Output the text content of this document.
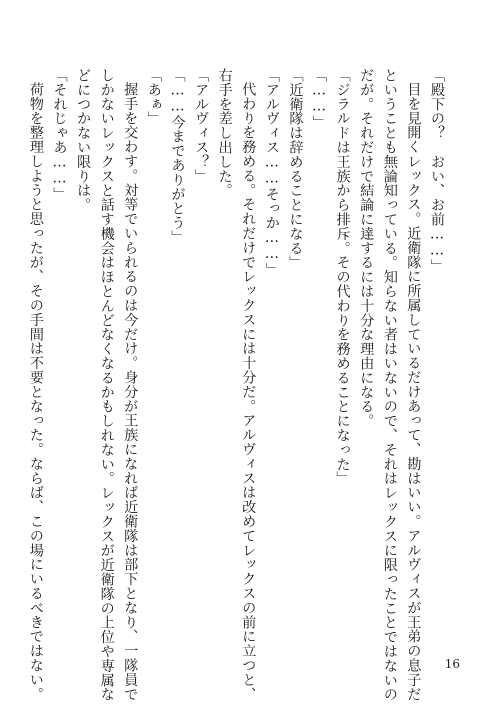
「殿下の？　おい、お前……」
目を見開くレックス。近衛隊に所属しているだけあって、勘はいい。アルヴィスが王弟の息子だ
ということも無論知っている。知らない者はいないので、それはレックスに限ったことではないの
だが。それだけで結論に達するには十分な理由になる。
「ジラルドは王族から排斥。その代わりを務めることになった」
「……」
「近衛隊は辞めることになる」
「アルヴィス……そっか……」
代わりを務める。それだけでレックスには十分だ。アルヴィスは改めてレックスの前に立つと、
右手を差し出した。
「アルヴィス？」
「……今までありがとう」
「あぁ」
握手を交わす。対等でいられるのは今だけ。身分が王族になれば近衛隊は部下となり、一隊員で
しかないレックスと話す機会はほとんどなくなるかもしれない。レックスが近衛隊の上位や専属な
どにつかない限りは。
「それじゃあ……」
荷物を整理しようと思ったが、その手間は不要となった。ならば、この場にいるべきではない。	16
